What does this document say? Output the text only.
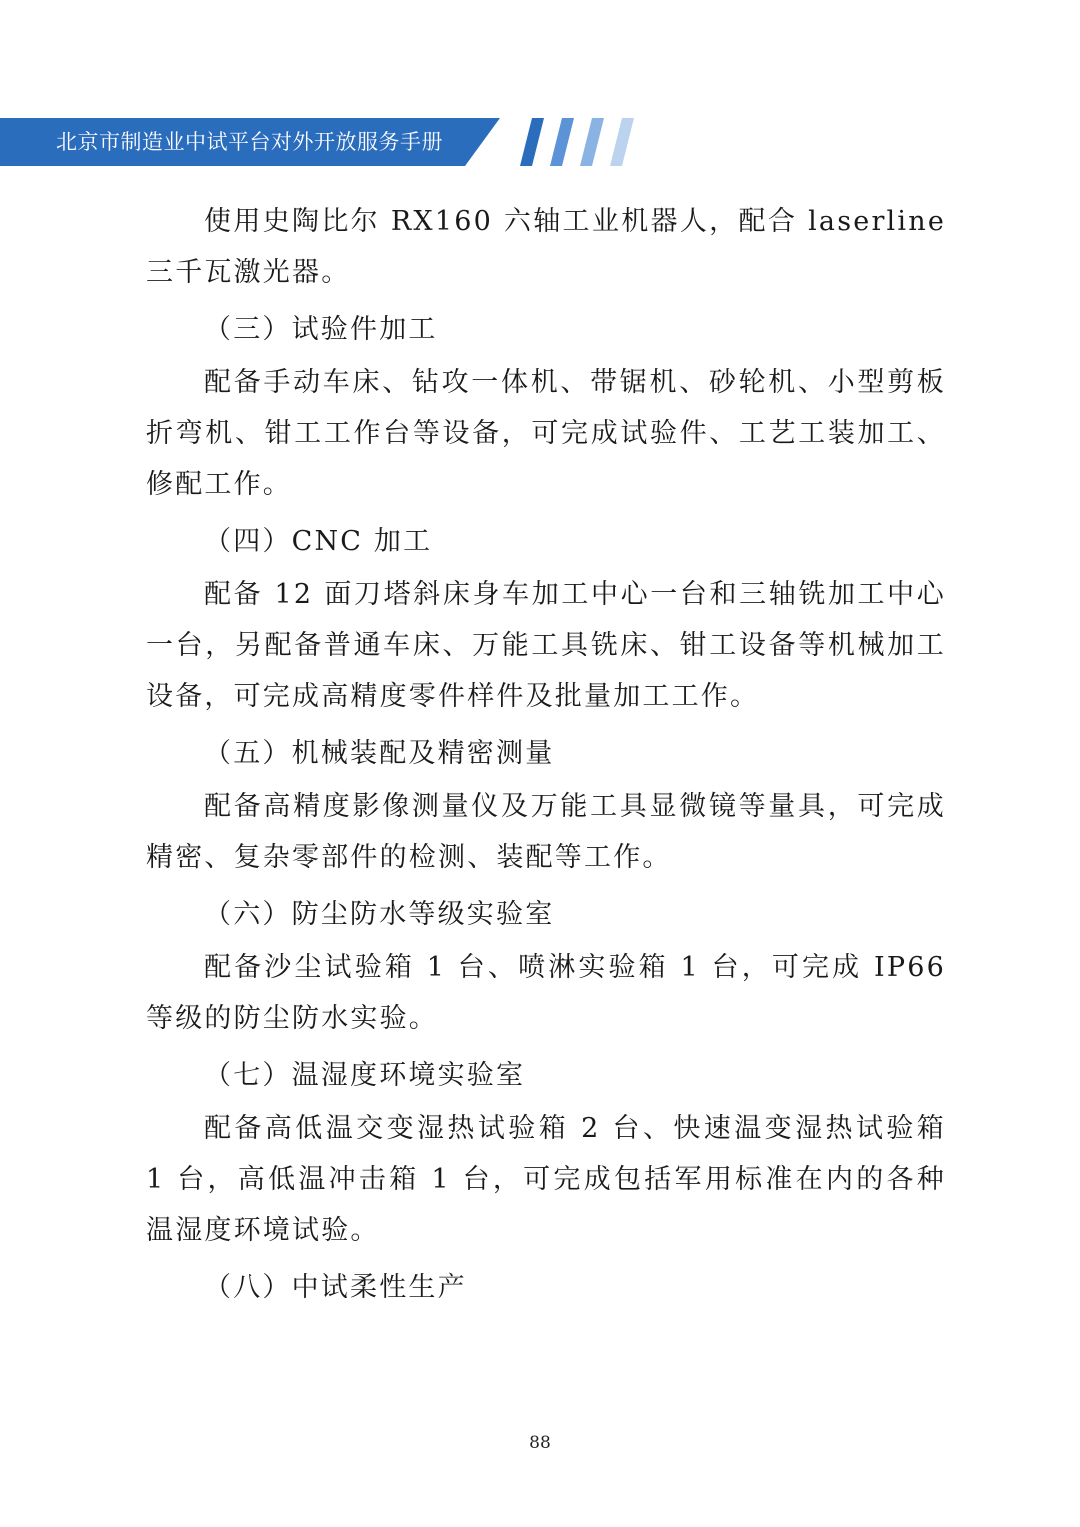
北京市制造业中试平台对外开放服务手册

使用史陶比尔 RX160 六轴工业机器人，配合 laserline 三千瓦激光器。

（三）试验件加工

配备手动车床、钻攻一体机、带锯机、砂轮机、小型剪板折弯机、钳工工作台等设备，可完成试验件、工艺工装加工、修配工作。

（四）CNC 加工

配备 12 面刀塔斜床身车加工中心一台和三轴铣加工中心一台，另配备普通车床、万能工具铣床、钳工设备等机械加工设备，可完成高精度零件样件及批量加工工作。

（五）机械装配及精密测量

配备高精度影像测量仪及万能工具显微镜等量具，可完成精密、复杂零部件的检测、装配等工作。

（六）防尘防水等级实验室

配备沙尘试验箱 1 台、喷淋实验箱 1 台，可完成 IP66 等级的防尘防水实验。

（七）温湿度环境实验室

配备高低温交变湿热试验箱 2 台、快速温变湿热试验箱 1 台，高低温冲击箱 1 台，可完成包括军用标准在内的各种温湿度环境试验。

（八）中试柔性生产

88
